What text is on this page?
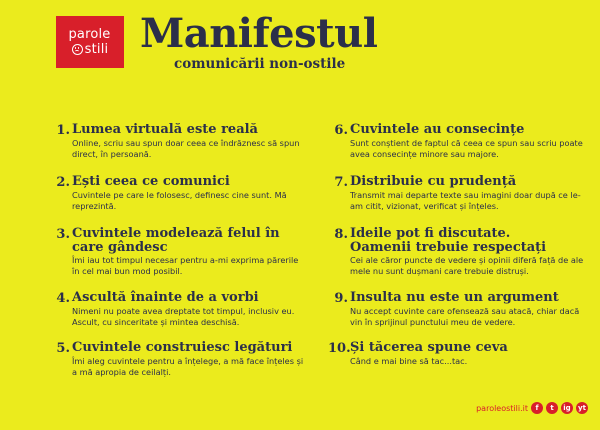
parole
stili Manifestul
comunicării non-ostile
1. Lumea virtuală este reală
Online, scriu sau spun doar ceea ce îndrăznesc să spun direct, în persoană.
2. Ești ceea ce comunici
Cuvintele pe care le folosesc, definesc cine sunt. Mă reprezintă.
3. Cuvintele modelează felul în care gândesc
Îmi iau tot timpul necesar pentru a-mi exprima părerile în cel mai bun mod posibil.
4. Ascultă înainte de a vorbi
Nimeni nu poate avea dreptate tot timpul, inclusiv eu. Ascult, cu sinceritate și mintea deschisă.
5. Cuvintele construiesc legături
Îmi aleg cuvintele pentru a înțelege, a mă face înțeles și a mă apropia de ceilalți.
6. Cuvintele au consecințe
Sunt conștient de faptul că ceea ce spun sau scriu poate avea consecințe minore sau majore.
7. Distribuie cu prudență
Transmit mai departe texte sau imagini doar după ce le-am citit, vizionat, verificat și înțeles.
8. Ideile pot fi discutate. Oamenii trebuie respectați
Cei ale căror puncte de vedere și opinii diferă față de ale mele nu sunt dușmani care trebuie distruși.
9. Insulta nu este un argument
Nu accept cuvinte care ofensează sau atacă, chiar dacă vin în sprijinul punctului meu de vedere.
10. Și tăcerea spune ceva
Când e mai bine să tac...tac.
paroleostili.it	f	t	ig	yt
